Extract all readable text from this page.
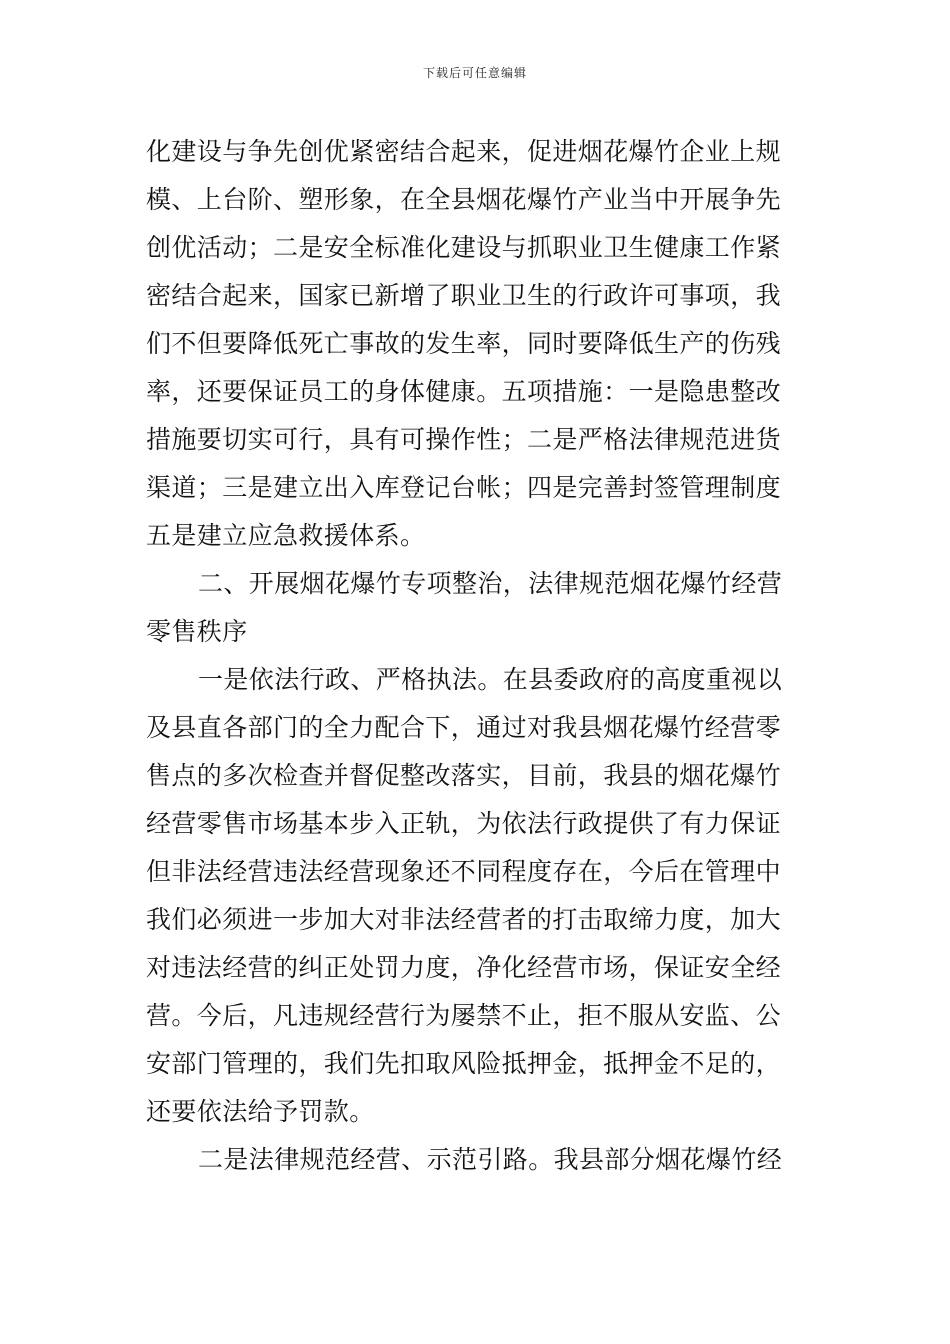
下载后可任意编辑
化建设与争先创优紧密结合起来，促进烟花爆竹企业上规
模、上台阶、塑形象，在全县烟花爆竹产业当中开展争先
创优活动；二是安全标准化建设与抓职业卫生健康工作紧
密结合起来，国家已新增了职业卫生的行政许可事项，我
们不但要降低死亡事故的发生率，同时要降低生产的伤残
率，还要保证员工的身体健康。五项措施：一是隐患整改
措施要切实可行，具有可操作性；二是严格法律规范进货
渠道；三是建立出入库登记台帐；四是完善封签管理制度
五是建立应急救援体系。
二、开展烟花爆竹专项整治，法律规范烟花爆竹经营
零售秩序
一是依法行政、严格执法。在县委政府的高度重视以
及县直各部门的全力配合下，通过对我县烟花爆竹经营零
售点的多次检查并督促整改落实，目前，我县的烟花爆竹
经营零售市场基本步入正轨，为依法行政提供了有力保证
但非法经营违法经营现象还不同程度存在，今后在管理中
我们必须进一步加大对非法经营者的打击取缔力度，加大
对违法经营的纠正处罚力度，净化经营市场，保证安全经
营。今后，凡违规经营行为屡禁不止，拒不服从安监、公
安部门管理的，我们先扣取风险抵押金，抵押金不足的，
还要依法给予罚款。
二是法律规范经营、示范引路。我县部分烟花爆竹经
